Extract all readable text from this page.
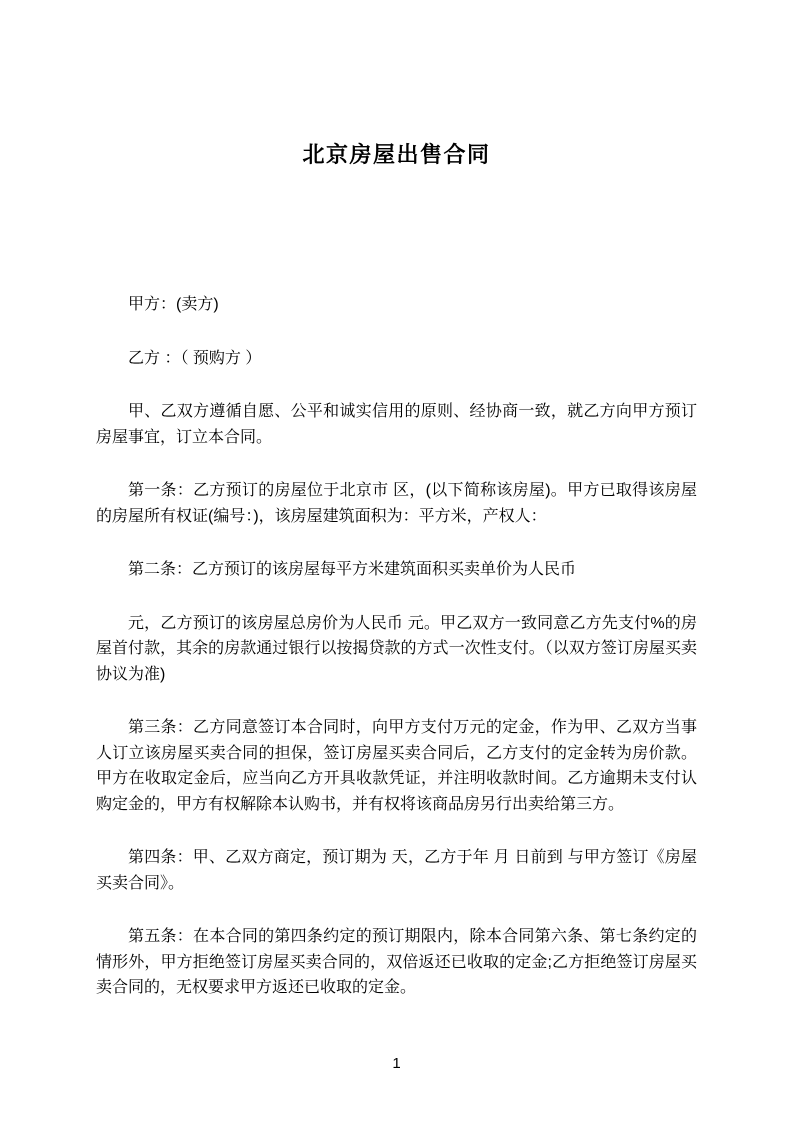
北京房屋出售合同

甲方：(卖方)

乙方 ：（ 预购方 ）

甲、乙双方遵循自愿、公平和诚实信用的原则、经协商一致，就乙方向甲方预订房屋事宜，订立本合同。

第一条：乙方预订的房屋位于北京市 区，(以下简称该房屋)。甲方已取得该房屋的房屋所有权证(编号：)，该房屋建筑面积为：平方米，产权人：

第二条：乙方预订的该房屋每平方米建筑面积买卖单价为人民币

元，乙方预订的该房屋总房价为人民币 元。甲乙双方一致同意乙方先支付%的房屋首付款，其余的房款通过银行以按揭贷款的方式一次性支付。（以双方签订房屋买卖协议为准)

第三条：乙方同意签订本合同时，向甲方支付万元的定金，作为甲、乙双方当事人订立该房屋买卖合同的担保，签订房屋买卖合同后，乙方支付的定金转为房价款。甲方在收取定金后，应当向乙方开具收款凭证，并注明收款时间。乙方逾期未支付认购定金的，甲方有权解除本认购书，并有权将该商品房另行出卖给第三方。

第四条：甲、乙双方商定，预订期为 天，乙方于年 月 日前到 与甲方签订《房屋买卖合同》。

第五条：在本合同的第四条约定的预订期限内，除本合同第六条、第七条约定的情形外，甲方拒绝签订房屋买卖合同的，双倍返还已收取的定金;乙方拒绝签订房屋买卖合同的，无权要求甲方返还已收取的定金。

1
